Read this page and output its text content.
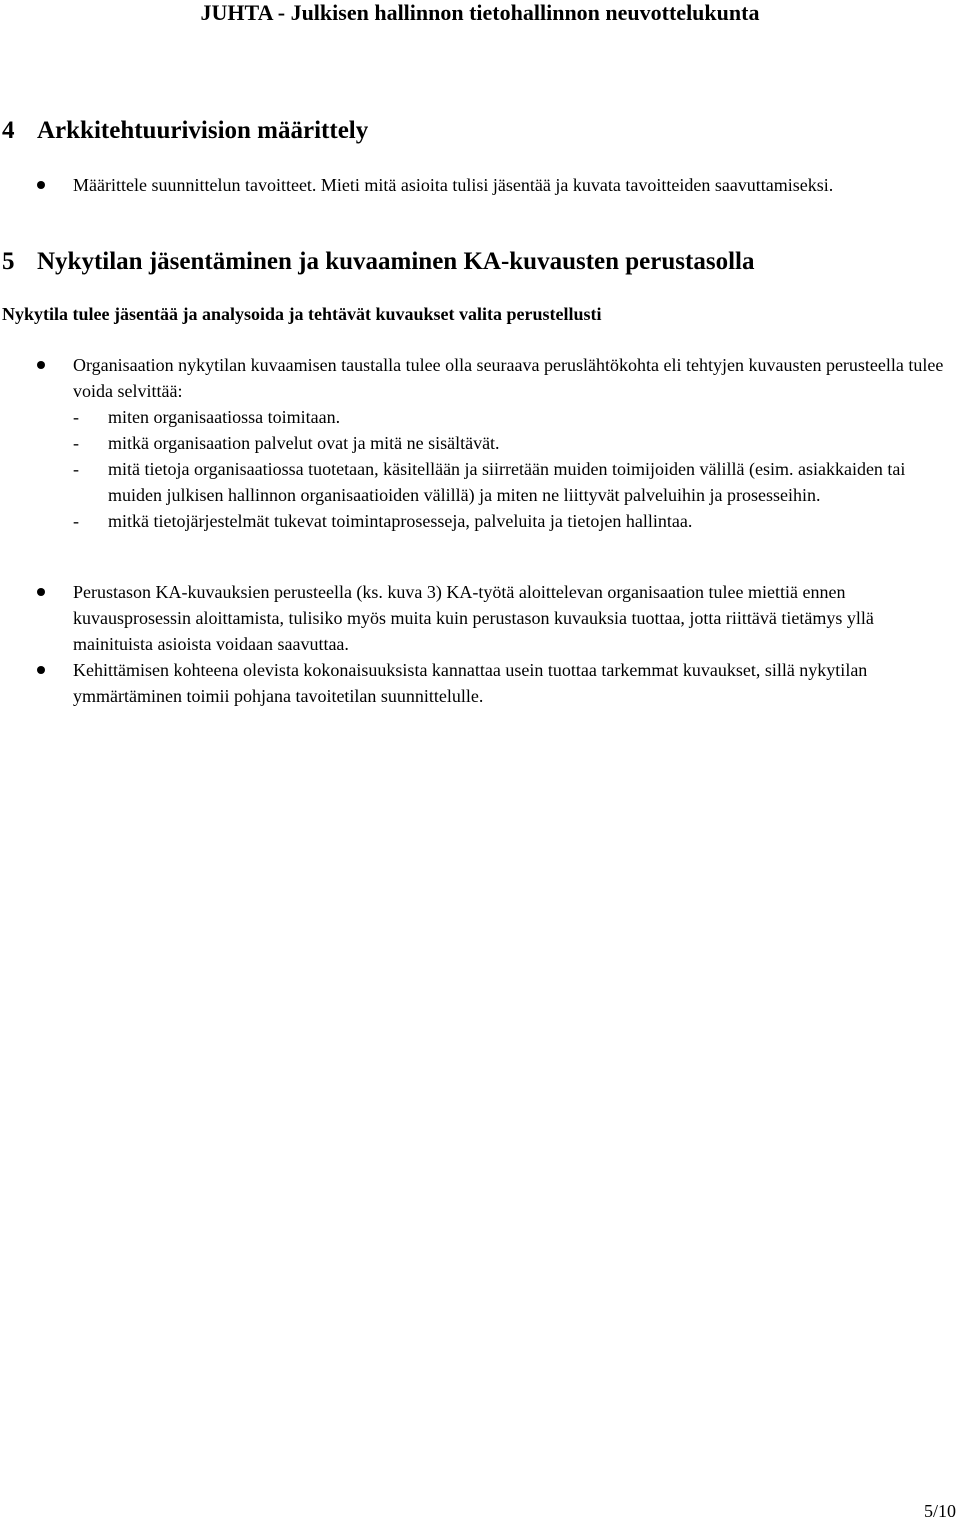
JUHTA - Julkisen hallinnon tietohallinnon neuvottelukunta
4 Arkkitehtuurivision määrittely
Määrittele suunnittelun tavoitteet. Mieti mitä asioita tulisi jäsentää ja kuvata tavoitteiden saavuttamiseksi.
5 Nykytilan jäsentäminen ja kuvaaminen KA-kuvausten perustasolla
Nykytila tulee jäsentää ja analysoida ja tehtävät kuvaukset valita perustellusti
Organisaation nykytilan kuvaamisen taustalla tulee olla seuraava peruslähtökohta eli tehtyjen kuvausten perusteella tulee voida selvittää:
- miten organisaatiossa toimitaan.
- mitkä organisaation palvelut ovat ja mitä ne sisältävät.
- mitä tietoja organisaatiossa tuotetaan, käsitellään ja siirretään muiden toimijoiden välillä (esim. asiakkaiden tai muiden julkisen hallinnon organisaatioiden välillä) ja miten ne liittyvät palveluihin ja prosesseihin.
- mitkä tietojärjestelmät tukevat toimintaprosesseja, palveluita ja tietojen hallintaa.
Perustason KA-kuvauksien perusteella (ks. kuva 3) KA-työtä aloittelevan organisaation tulee miettiä ennen kuvausprosessin aloittamista, tulisiko myös muita kuin perustason kuvauksia tuottaa, jotta riittävä tietämys yllä mainituista asioista voidaan saavuttaa.
Kehittämisen kohteena olevista kokonaisuuksista kannattaa usein tuottaa tarkemmat kuvaukset, sillä nykytilan ymmärtäminen toimii pohjana tavoitetilan suunnittelulle.
5/10
